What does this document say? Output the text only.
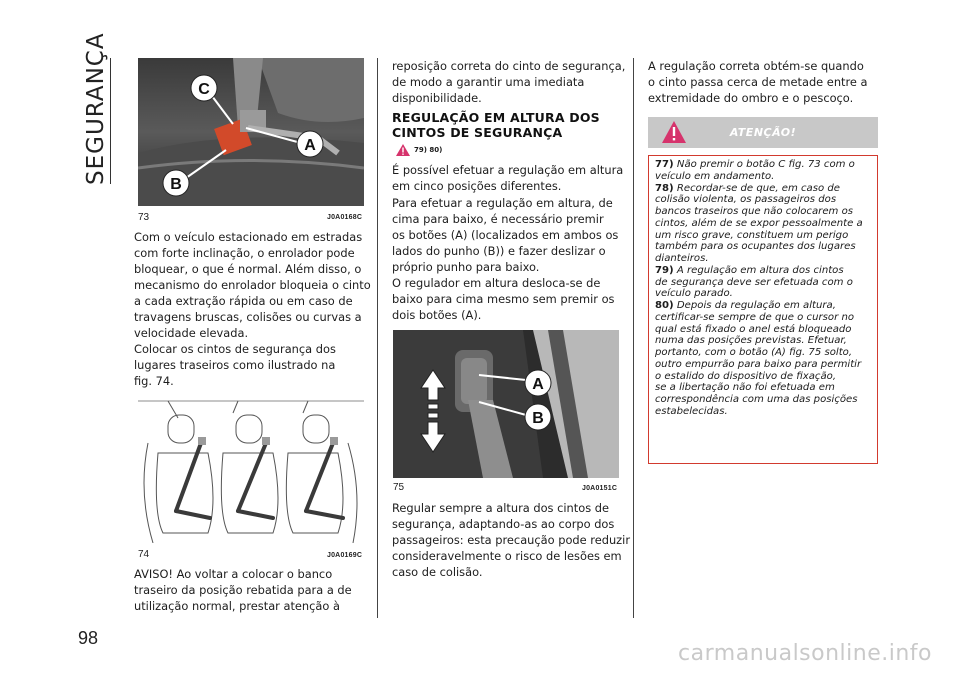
SEGURANÇA
98
C
A
B
73	J0A0168C
Com o veículo estacionado em estradas
com forte inclinação, o enrolador pode
bloquear, o que é normal. Além disso, o
mecanismo do enrolador bloqueia o cinto
a cada extração rápida ou em caso de
travagens bruscas, colisões ou curvas a
velocidade elevada.
Colocar os cintos de segurança dos
lugares traseiros como ilustrado na
fig. 74.
74	J0A0169C
AVISO! Ao voltar a colocar o banco
traseiro da posição rebatida para a de
utilização normal, prestar atenção à
reposição correta do cinto de segurança,
de modo a garantir uma imediata
disponibilidade.
REGULAÇÃO EM ALTURA DOS
CINTOS DE SEGURANÇA
79) 80)
É possível efetuar a regulação em altura
em cinco posições diferentes.
Para efetuar a regulação em altura, de
cima para baixo, é necessário premir
os botões (A) (localizados em ambos os
lados do punho (B)) e fazer deslizar o
próprio punho para baixo.
O regulador em altura desloca-se de
baixo para cima mesmo sem premir os
dois botões (A).
A
B
75	J0A0151C
Regular sempre a altura dos cintos de
segurança, adaptando-as ao corpo dos
passageiros: esta precaução pode reduzir
consideravelmente o risco de lesões em
caso de colisão.
A regulação correta obtém-se quando
o cinto passa cerca de metade entre a
extremidade do ombro e o pescoço.
ATENÇÃO!
77) Não premir o botão C fig. 73 com o
veículo em andamento.
78) Recordar-se de que, em caso de
colisão violenta, os passageiros dos
bancos traseiros que não colocarem os
cintos, além de se expor pessoalmente a
um risco grave, constituem um perigo
também para os ocupantes dos lugares
dianteiros.
79) A regulação em altura dos cintos
de segurança deve ser efetuada com o
veículo parado.
80) Depois da regulação em altura,
certificar-se sempre de que o cursor no
qual está fixado o anel está bloqueado
numa das posições previstas. Efetuar,
portanto, com o botão (A) fig. 75 solto,
outro empurrão para baixo para permitir
o estalido do dispositivo de fixação,
se a libertação não foi efetuada em
correspondência com uma das posições
estabelecidas.
carmanualsonline.info
